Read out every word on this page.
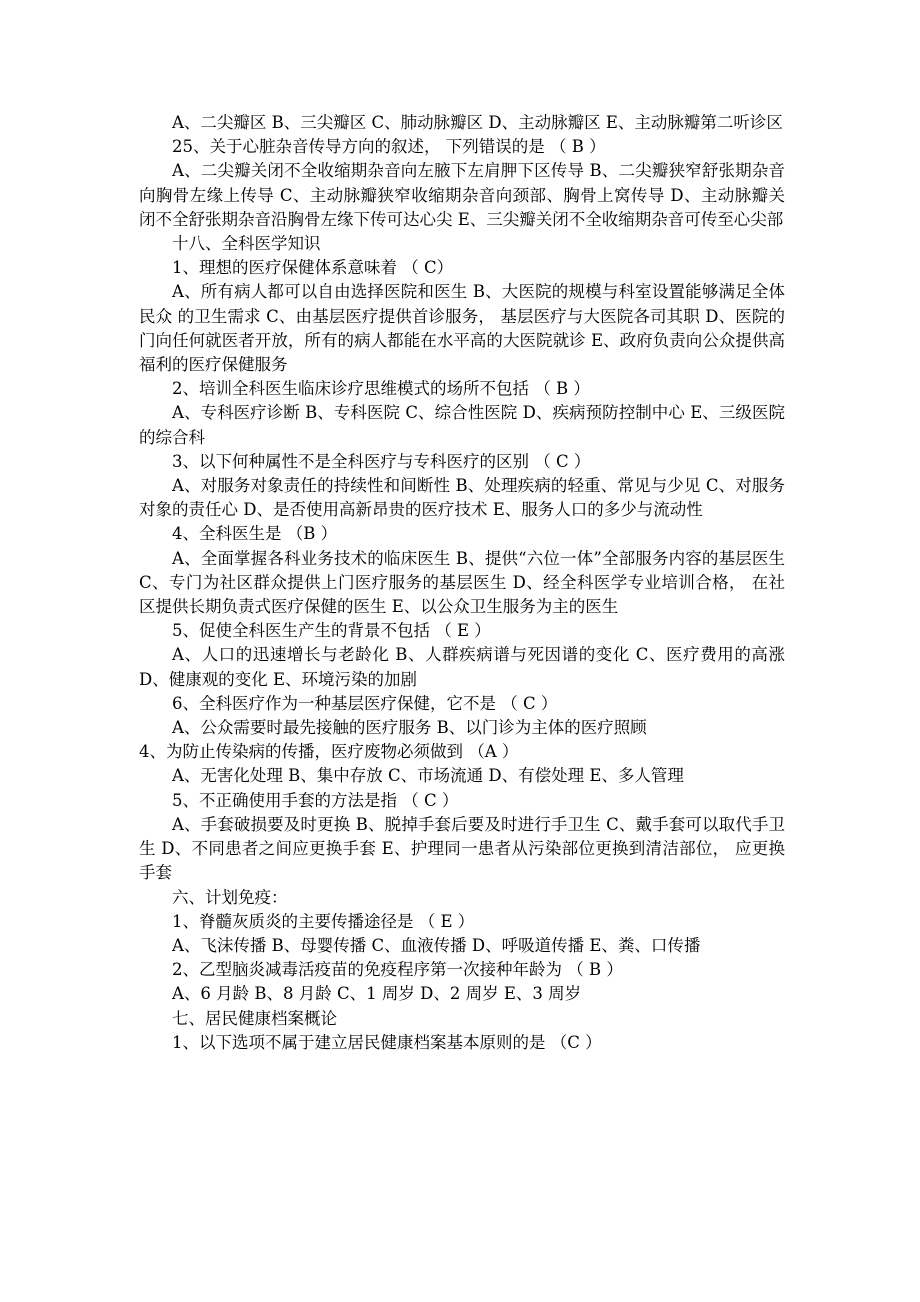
A、二尖瓣区 B、三尖瓣区 C、肺动脉瓣区 D、主动脉瓣区 E、主动脉瓣第二听诊区

25、关于心脏杂音传导方向的叙述， 下列错误的是 （ B ）

A、二尖瓣关闭不全收缩期杂音向左腋下左肩胛下区传导 B、二尖瓣狭窄舒张期杂音向胸骨左缘上传导 C、主动脉瓣狭窄收缩期杂音向颈部、胸骨上窝传导 D、主动脉瓣关闭不全舒张期杂音沿胸骨左缘下传可达心尖 E、三尖瓣关闭不全收缩期杂音可传至心尖部

十八、全科医学知识

1、理想的医疗保健体系意味着 （ C）

A、所有病人都可以自由选择医院和医生 B、大医院的规模与科室设置能够满足全体民众 的卫生需求 C、由基层医疗提供首诊服务， 基层医疗与大医院各司其职 D、医院的门向任何就医者开放，所有的病人都能在水平高的大医院就诊 E、政府负责向公众提供高福利的医疗保健服务

2、培训全科医生临床诊疗思维模式的场所不包括 （ B ）

A、专科医疗诊断 B、专科医院 C、综合性医院 D、疾病预防控制中心 E、三级医院的综合科

3、以下何种属性不是全科医疗与专科医疗的区别 （ C ）

A、对服务对象责任的持续性和间断性 B、处理疾病的轻重、常见与少见 C、对服务对象的责任心 D、是否使用高新昂贵的医疗技术 E、服务人口的多少与流动性

4、全科医生是 （B ）

A、全面掌握各科业务技术的临床医生 B、提供“六位一体”全部服务内容的基层医生 C、专门为社区群众提供上门医疗服务的基层医生 D、经全科医学专业培训合格， 在社区提供长期负责式医疗保健的医生 E、以公众卫生服务为主的医生

5、促使全科医生产生的背景不包括 （ E ）

A、人口的迅速增长与老龄化 B、人群疾病谱与死因谱的变化 C、医疗费用的高涨 D、健康观的变化 E、环境污染的加剧

6、全科医疗作为一种基层医疗保健，它不是 （ C ）

A、公众需要时最先接触的医疗服务 B、以门诊为主体的医疗照顾

4、为防止传染病的传播，医疗废物必须做到 （A ）

A、无害化处理 B、集中存放 C、市场流通 D、有偿处理 E、多人管理

5、不正确使用手套的方法是指 （ C ）

A、手套破损要及时更换 B、脱掉手套后要及时进行手卫生 C、戴手套可以取代手卫生 D、不同患者之间应更换手套 E、护理同一患者从污染部位更换到清洁部位， 应更换手套

六、计划免疫：

1、脊髓灰质炎的主要传播途径是 （ E ）

A、飞沫传播 B、母婴传播 C、血液传播 D、呼吸道传播 E、粪、口传播

2、乙型脑炎减毒活疫苗的免疫程序第一次接种年龄为 （ B ）

A、6 月龄 B、8 月龄 C、1 周岁 D、2 周岁 E、3 周岁

七、居民健康档案概论

1、以下选项不属于建立居民健康档案基本原则的是 （C ）
